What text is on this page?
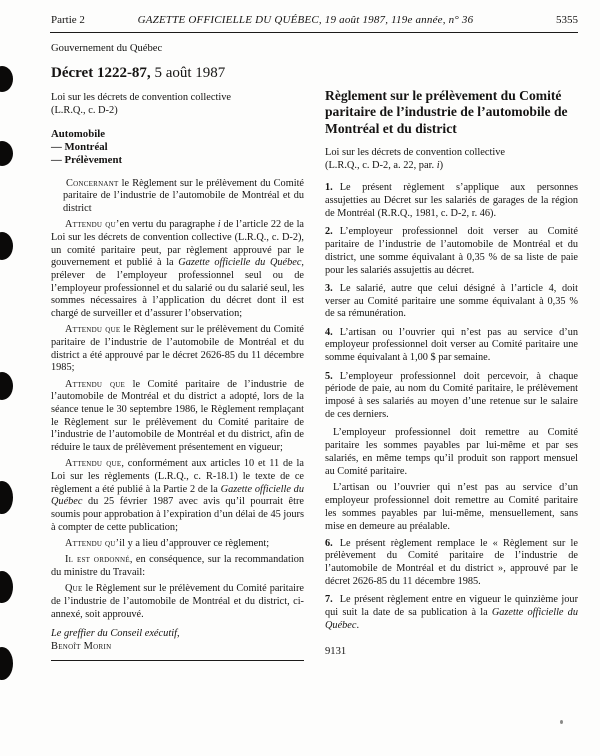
Partie 2	GAZETTE OFFICIELLE DU QUÉBEC, 19 août 1987, 119e année, n° 36	5355
Gouvernement du Québec
Décret 1222-87, 5 août 1987
Loi sur les décrets de convention collective
(L.R.Q., c. D-2)
Automobile
— Montréal
— Prélèvement

Concernant le Règlement sur le prélèvement du Comité paritaire de l’industrie de l’automobile de Montréal et du district

Attendu qu’en vertu du paragraphe i de l’article 22 de la Loi sur les décrets de convention collective (L.R.Q., c. D-2), un comité paritaire peut, par règlement approuvé par le gouvernement et publié à la Gazette officielle du Québec, prélever de l’employeur professionnel seul ou de l’employeur professionnel et du salarié ou du salarié seul, les sommes nécessaires à l’application du décret dont il est chargé de surveiller et d’assurer l’observation;

Attendu que le Règlement sur le prélèvement du Comité paritaire de l’industrie de l’automobile de Montréal et du district a été approuvé par le décret 2626-85 du 11 décembre 1985;

Attendu que le Comité paritaire de l’industrie de l’automobile de Montréal et du district a adopté, lors de la séance tenue le 30 septembre 1986, le Règlement remplaçant le Règlement sur le prélèvement du Comité paritaire de l’industrie de l’automobile de Montréal et du district, afin de réduire le taux de prélèvement présentement en vigueur;

Attendu que, conformément aux articles 10 et 11 de la Loi sur les règlements (L.R.Q., c. R-18.1) le texte de ce règlement a été publié à la Partie 2 de la Gazette officielle du Québec du 25 février 1987 avec avis qu’il pourrait être soumis pour approbation à l’expiration d’un délai de 45 jours à compter de cette publication;

Attendu qu’il y a lieu d’approuver ce règlement;

Il est ordonné, en conséquence, sur la recommandation du ministre du Travail:

Que le Règlement sur le prélèvement du Comité paritaire de l’industrie de l’automobile de Montréal et du district, ci-annexé, soit approuvé.

Le greffier du Conseil exécutif,
Benoît Morin
Règlement sur le prélèvement du Comité paritaire de l’industrie de l’automobile de Montréal et du district
Loi sur les décrets de convention collective
(L.R.Q., c. D-2, a. 22, par. i)

1. Le présent règlement s’applique aux personnes assujetties au Décret sur les salariés de garages de la région de Montréal (R.R.Q., 1981, c. D-2, r. 46).

2. L’employeur professionnel doit verser au Comité paritaire de l’industrie de l’automobile de Montréal et du district, une somme équivalant à 0,35 % de sa liste de paie pour les salariés assujettis au décret.

3. Le salarié, autre que celui désigné à l’article 4, doit verser au Comité paritaire une somme équivalant à 0,35 % de sa rémunération.

4. L’artisan ou l’ouvrier qui n’est pas au service d’un employeur professionnel doit verser au Comité paritaire une somme équivalant à 1,00 $ par semaine.

5. L’employeur professionnel doit percevoir, à chaque période de paie, au nom du Comité paritaire, le prélèvement imposé à ses salariés au moyen d’une retenue sur le salaire de ces derniers.

L’employeur professionnel doit remettre au Comité paritaire les sommes payables par lui-même et par ses salariés, en même temps qu’il produit son rapport mensuel au Comité paritaire.

L’artisan ou l’ouvrier qui n’est pas au service d’un employeur professionnel doit remettre au Comité paritaire les sommes payables par lui-même, mensuellement, sans mise en demeure au préalable.

6. Le présent règlement remplace le « Règlement sur le prélèvement du Comité paritaire de l’industrie de l’automobile de Montréal et du district », approuvé par le décret 2626-85 du 11 décembre 1985.

7. Le présent règlement entre en vigueur le quinzième jour qui suit la date de sa publication à la Gazette officielle du Québec.

9131
